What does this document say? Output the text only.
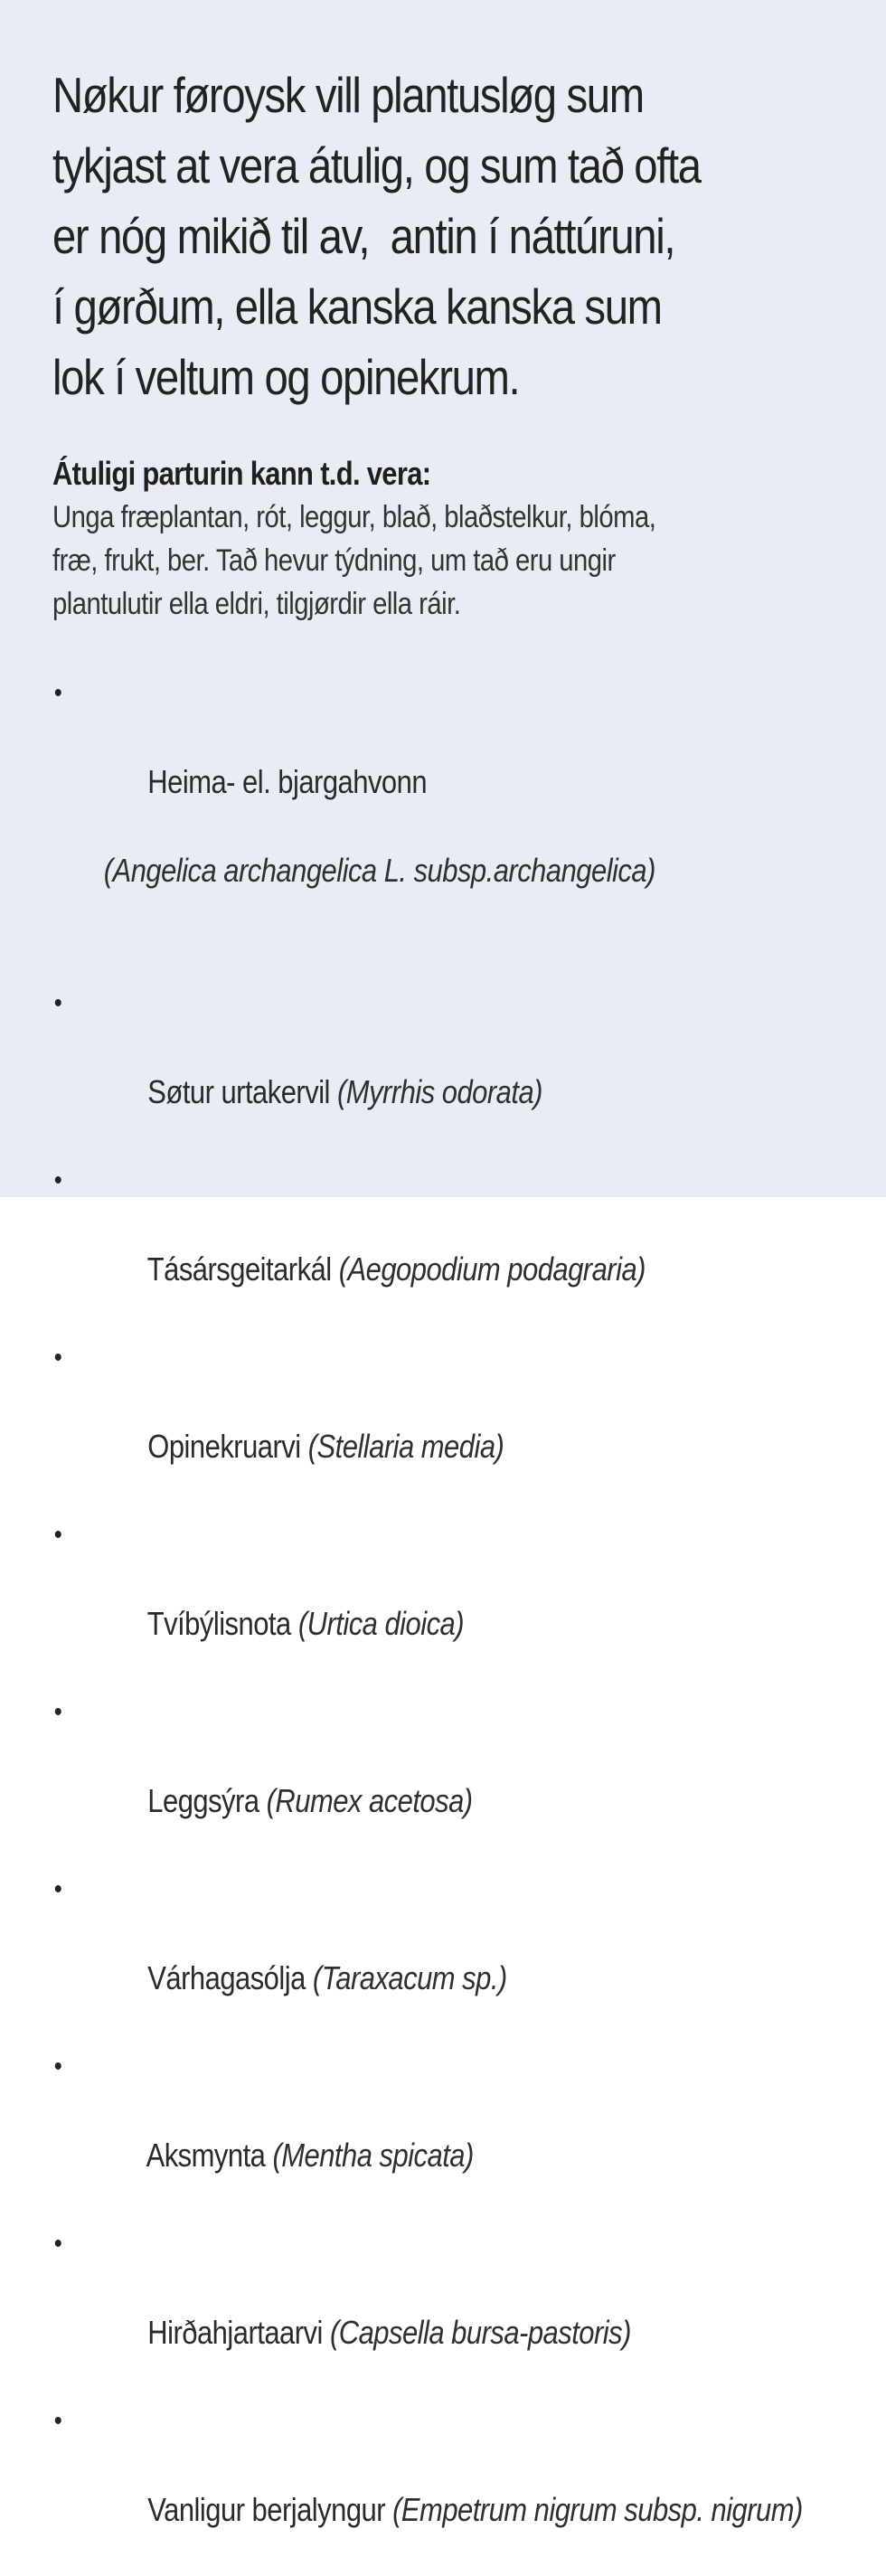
Nøkur føroysk vill plantusløg sum
tykjast at vera átulig, og sum tað ofta
er nóg mikið til av,  antin í náttúruni,
í gørðum, ella kanska kanska sum
lok í veltum og opinekrum.

Átuligi parturin kann t.d. vera:

Unga fræplantan, rót, leggur, blað, blaðstelkur, blóma,
fræ, frukt, ber. Tað hevur týdning, um tað eru ungir
plantulutir ella eldri, tilgjørdir ella ráir.

•

Heima- el. bjargahvonn

(Angelica archangelica L. subsp.archangelica)

•

Søtur urtakervil (Myrrhis odorata)

•

Tásársgeitarkál (Aegopodium podagraria)

•

Opinekruarvi (Stellaria media)

•

Tvíbýlisnota (Urtica dioica)

•

Leggsýra (Rumex acetosa)

•

Várhagasólja (Taraxacum sp.)

•

Aksmynta (Mentha spicata)

•

Hirðahjartaarvi (Capsella bursa-pastoris)

•

Vanligur berjalyngur (Empetrum nigrum subsp. nigrum)
